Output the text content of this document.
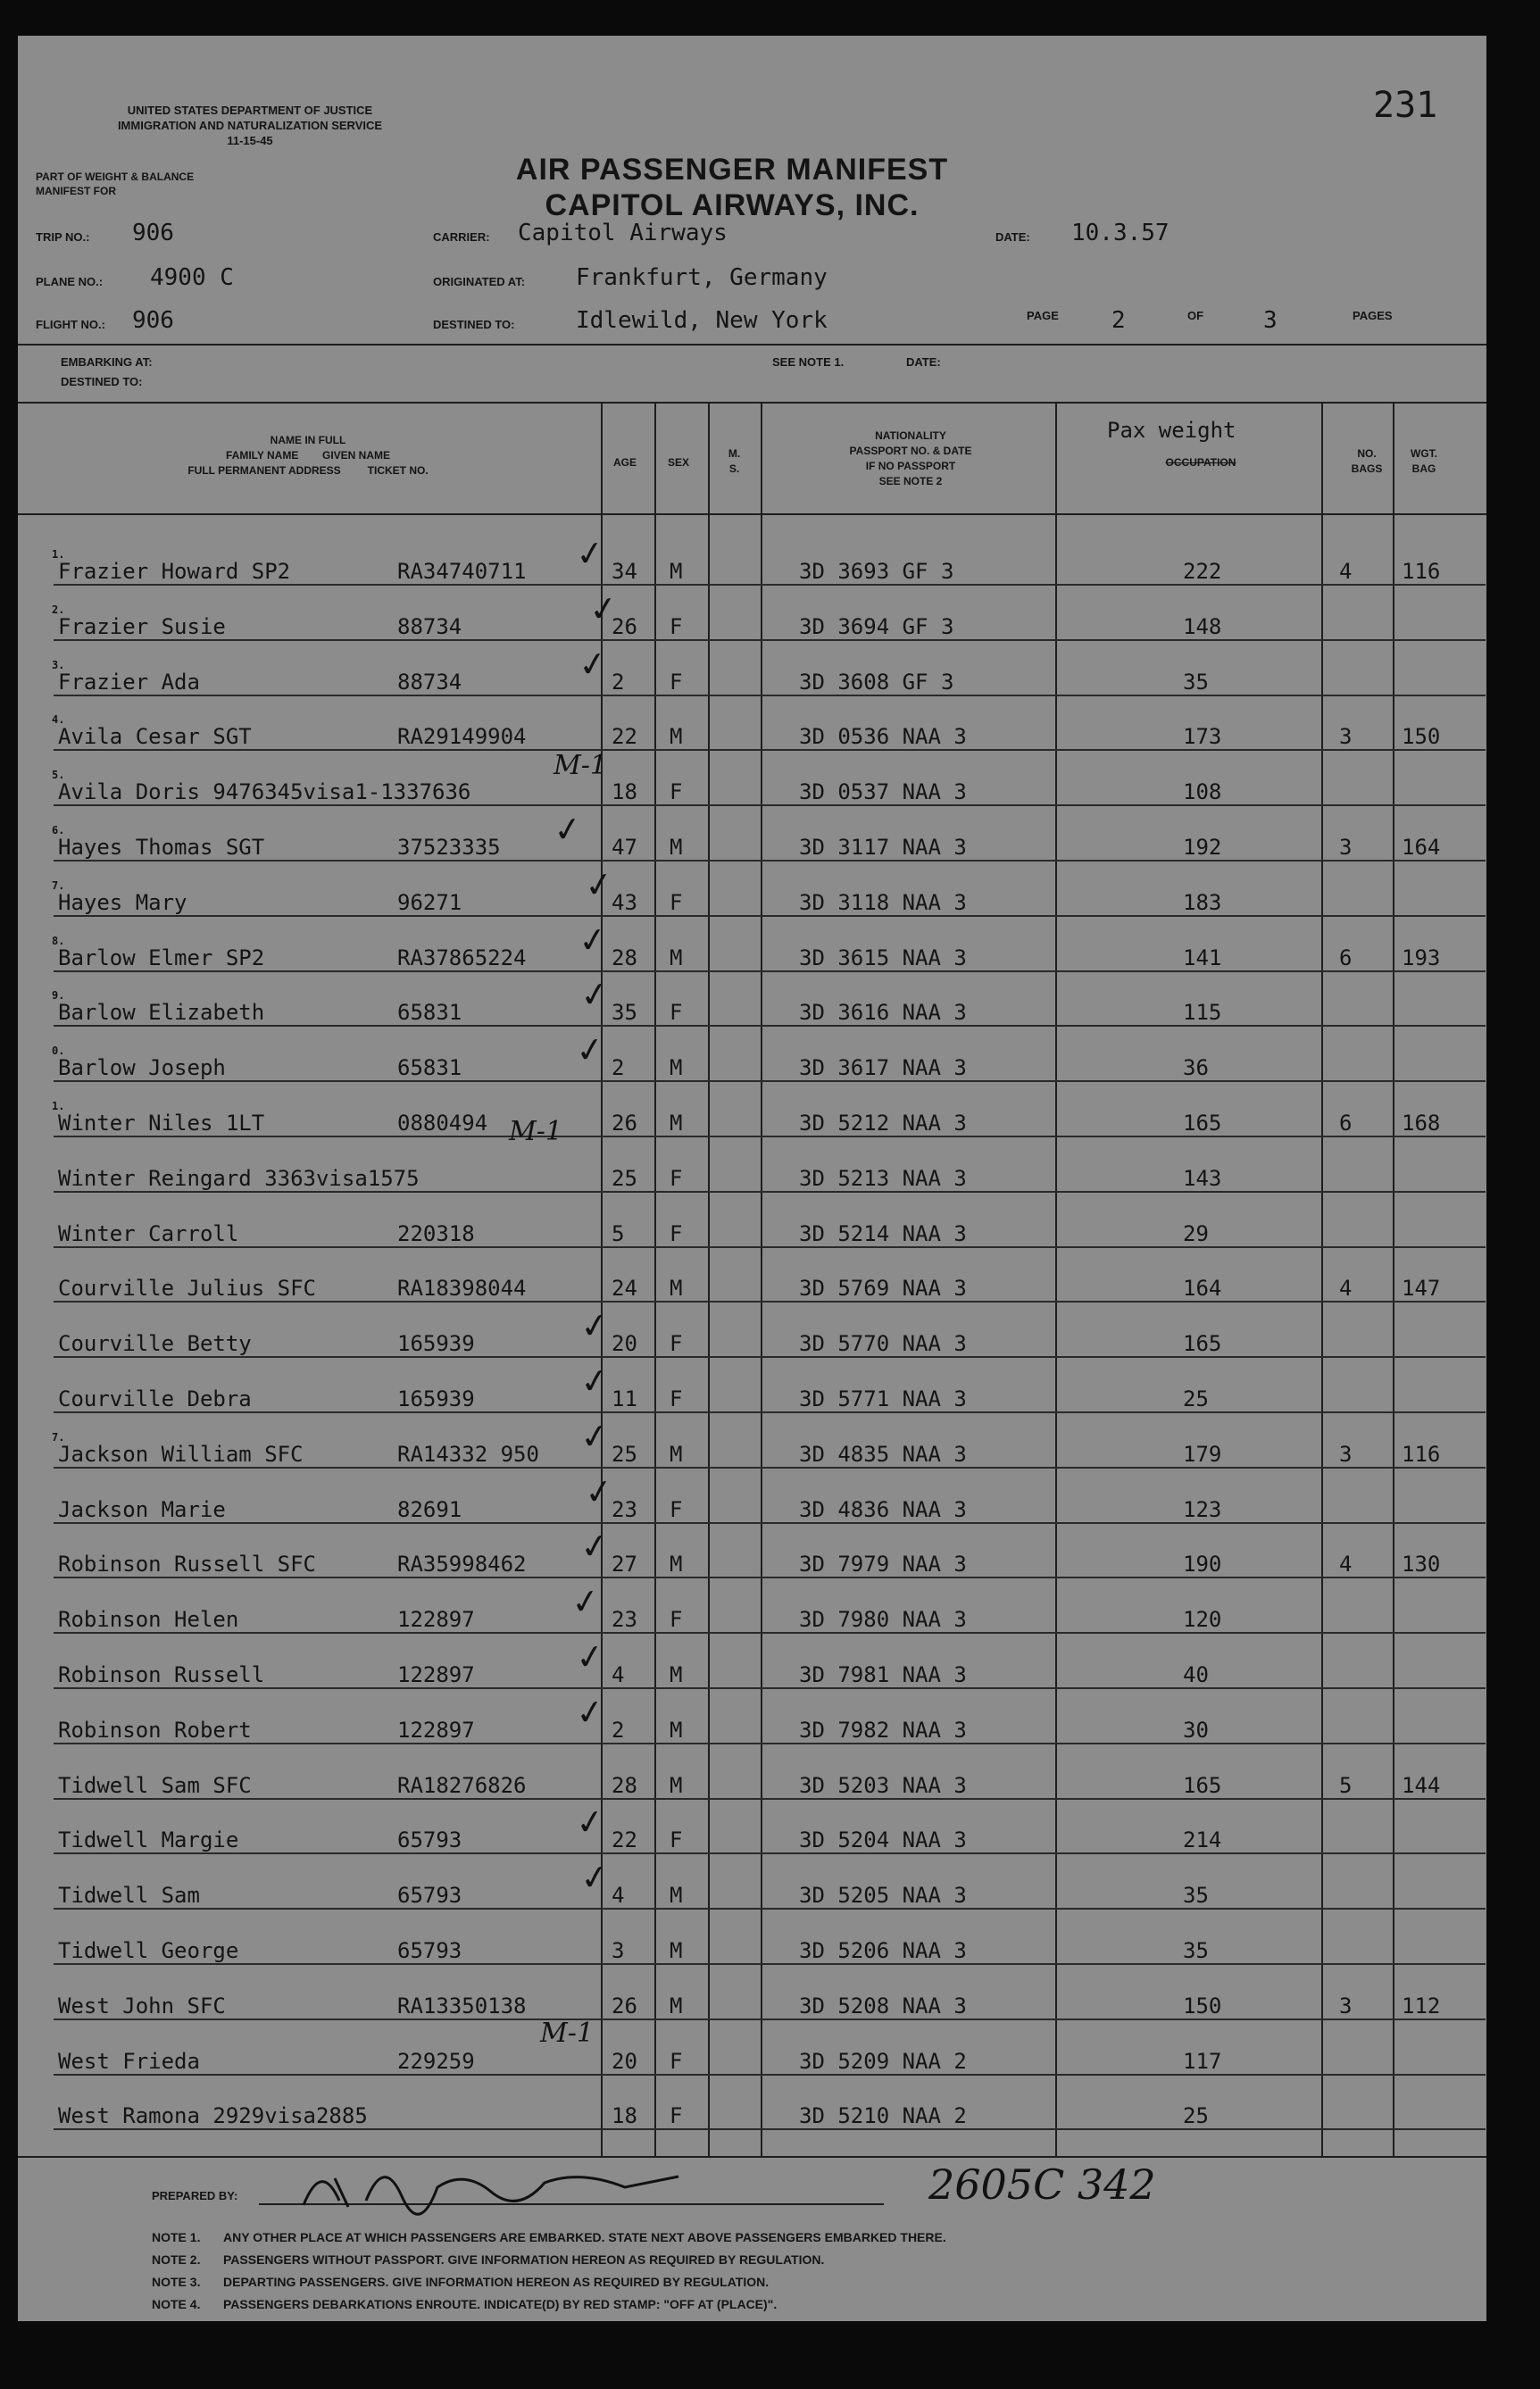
UNITED STATES DEPARTMENT OF JUSTICE
IMMIGRATION AND NATURALIZATION SERVICE
11-15-45
PART OF WEIGHT & BALANCE
MANIFEST FOR
231
AIR PASSENGER MANIFEST
CAPITOL AIRWAYS, INC.
TRIP NO.: 906
PLANE NO.: 4900 C
FLIGHT NO.: 906
CARRIER: Capitol Airways
ORIGINATED AT: Frankfurt, Germany
DESTINED TO:	Idlewild, New York
DATE: 10.3.57
PAGE 2	OF	3	PAGES
EMBARKING AT:
DESTINED TO:
SEE NOTE 1.	DATE:
NAME IN FULL
FAMILY NAME        GIVEN NAME
FULL PERMANENT ADDRESS         TICKET NO.
AGE	SEX
M.
S.
NATIONALITY
PASSPORT NO. & DATE
IF NO PASSPORT
SEE NOTE 2
Pax weight
OCCUPATION
NO.
BAGS
WGT.
BAG
1.
Frazier Howard SP2	RA34740711	34 M	3D 3693 GF 3	222	4 116
✓
2.
Frazier Susie	88734	26 F	3D 3694 GF 3	148
✓
3.
Frazier Ada	88734	2 F	3D 3608 GF 3	35
✓
4.
Avila Cesar SGT	RA29149904	22 M	3D 0536 NAA 3	173	3 150
5.
Avila Doris 9476345visa1-1337636	18 F	3D 0537 NAA 3	108
6.
Hayes Thomas SGT	37523335	47 M	3D 3117 NAA 3	192	3 164
✓
7.
Hayes Mary	96271	43 F	3D 3118 NAA 3	183
✓
8.
Barlow Elmer SP2	RA37865224	28 M	3D 3615 NAA 3	141	6 193
✓
9.
Barlow Elizabeth	65831	35 F	3D 3616 NAA 3	115
✓
0.
Barlow Joseph	65831	2 M	3D 3617 NAA 3	36
✓
1.
Winter Niles 1LT	0880494	26 M	3D 5212 NAA 3	165	6 168
Winter Reingard 3363visa1575	25 F	3D 5213 NAA 3	143
Winter Carroll	220318	5 F	3D 5214 NAA 3	29
Courville Julius SFC	RA18398044	24 M	3D 5769 NAA 3	164	4 147
Courville Betty	165939	20 F	3D 5770 NAA 3	165
✓
Courville Debra	165939	11 F	3D 5771 NAA 3	25
✓
7.
Jackson William SFC	RA14332 950	25 M	3D 4835 NAA 3	179	3 116
✓
Jackson Marie	82691	23 F	3D 4836 NAA 3	123
✓
Robinson Russell SFC	RA35998462	27 M	3D 7979 NAA 3	190	4 130
✓
Robinson Helen	122897	23 F	3D 7980 NAA 3	120
✓
Robinson Russell	122897	4 M	3D 7981 NAA 3	40
✓
Robinson Robert	122897	2 M	3D 7982 NAA 3	30
✓
Tidwell Sam SFC	RA18276826	28 M	3D 5203 NAA 3	165	5 144
Tidwell Margie	65793	22 F	3D 5204 NAA 3	214
✓
Tidwell Sam	65793	4 M	3D 5205 NAA 3	35
✓
Tidwell George	65793	3 M	3D 5206 NAA 3	35
West John SFC	RA13350138	26 M	3D 5208 NAA 3	150	3 112
West Frieda	229259	20 F	3D 5209 NAA 2	117
West Ramona 2929visa2885	18 F	3D 5210 NAA 2	25
M-1
M-1
M-1
PREPARED BY:	2605C 342
NOTE 1. ANY OTHER PLACE AT WHICH PASSENGERS ARE EMBARKED. STATE NEXT ABOVE PASSENGERS EMBARKED THERE.
NOTE 2. PASSENGERS WITHOUT PASSPORT. GIVE INFORMATION HEREON AS REQUIRED BY REGULATION.
NOTE 3. DEPARTING PASSENGERS. GIVE INFORMATION HEREON AS REQUIRED BY REGULATION.
NOTE 4. PASSENGERS DEBARKATIONS ENROUTE. INDICATE(D) BY RED STAMP: "OFF AT (PLACE)".
